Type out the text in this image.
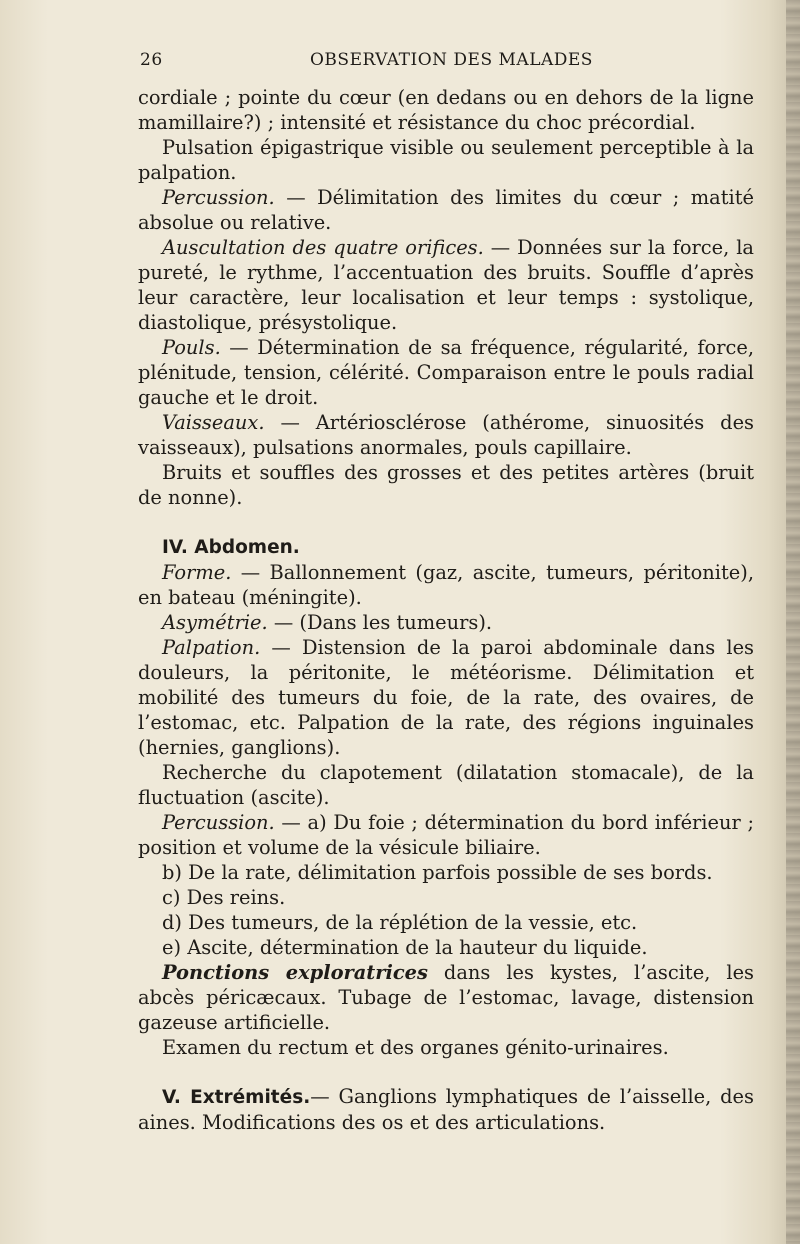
26	OBSERVATION DES MALADES

cordiale ; pointe du cœur (en dedans ou en dehors de la ligne mamillaire?) ; intensité et résistance du choc précordial.

Pulsation épigastrique visible ou seulement perceptible à la palpation.

Percussion. — Délimitation des limites du cœur ; matité absolue ou relative.

Auscultation des quatre orifices. — Données sur la force, la pureté, le rythme, l’accentuation des bruits. Souffle d’après leur caractère, leur localisation et leur temps : systolique, diastolique, présystolique.

Pouls. — Détermination de sa fréquence, régularité, force, plénitude, tension, célérité. Comparaison entre le pouls radial gauche et le droit.

Vaisseaux. — Artériosclérose (athérome, sinuosités des vaisseaux), pulsations anormales, pouls capillaire.

Bruits et souffles des grosses et des petites artères (bruit de nonne).

IV. Abdomen.

Forme. — Ballonnement (gaz, ascite, tumeurs, péritonite), en bateau (méningite).

Asymétrie. — (Dans les tumeurs).

Palpation. — Distension de la paroi abdominale dans les douleurs, la péritonite, le météorisme. Délimitation et mobilité des tumeurs du foie, de la rate, des ovaires, de l’estomac, etc. Palpation de la rate, des régions inguinales (hernies, ganglions).

Recherche du clapotement (dilatation stomacale), de la fluctuation (ascite).

Percussion. — a) Du foie ; détermination du bord inférieur ; position et volume de la vésicule biliaire.

b) De la rate, délimitation parfois possible de ses bords.

c) Des reins.

d) Des tumeurs, de la réplétion de la vessie, etc.

e) Ascite, détermination de la hauteur du liquide.

Ponctions exploratrices dans les kystes, l’ascite, les abcès péricæcaux. Tubage de l’estomac, lavage, distension gazeuse artificielle.

Examen du rectum et des organes génito-urinaires.

V. Extrémités.— Ganglions lymphatiques de l’aisselle, des aines. Modifications des os et des articulations.
